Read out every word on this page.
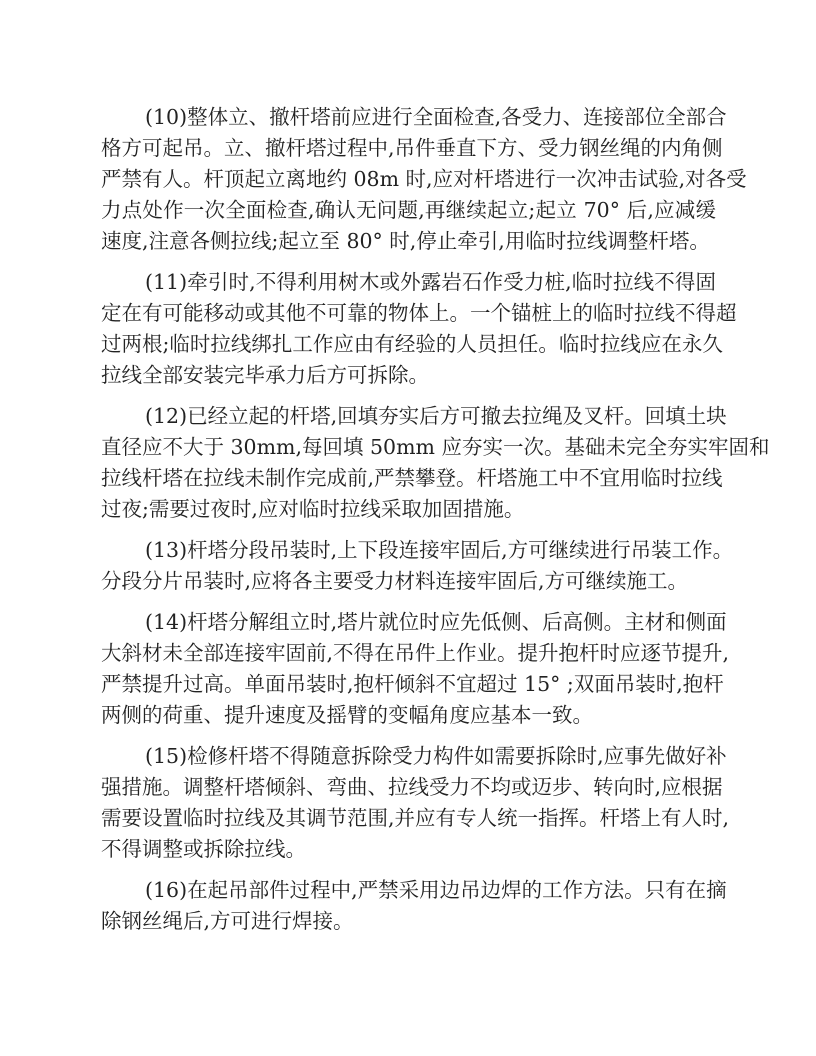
(10)整体立、撤杆塔前应进行全面检查,各受力、连接部位全部合
格方可起吊。立、撤杆塔过程中,吊件垂直下方、受力钢丝绳的内角侧
严禁有人。杆顶起立离地约 08m 时,应对杆塔进行一次冲击试验,对各受
力点处作一次全面检查,确认无问题,再继续起立;起立 70° 后,应减缓
速度,注意各侧拉线;起立至 80° 时,停止牵引,用临时拉线调整杆塔。
(11)牵引时,不得利用树木或外露岩石作受力桩,临时拉线不得固
定在有可能移动或其他不可靠的物体上。一个锚桩上的临时拉线不得超
过两根;临时拉线绑扎工作应由有经验的人员担任。临时拉线应在永久
拉线全部安装完毕承力后方可拆除。
(12)已经立起的杆塔,回填夯实后方可撤去拉绳及叉杆。回填土块
直径应不大于 30mm,每回填 50mm 应夯实一次。基础未完全夯实牢固和
拉线杆塔在拉线未制作完成前,严禁攀登。杆塔施工中不宜用临时拉线
过夜;需要过夜时,应对临时拉线采取加固措施。
(13)杆塔分段吊装时,上下段连接牢固后,方可继续进行吊装工作。
分段分片吊装时,应将各主要受力材料连接牢固后,方可继续施工。
(14)杆塔分解组立时,塔片就位时应先低侧、后高侧。主材和侧面
大斜材未全部连接牢固前,不得在吊件上作业。提升抱杆时应逐节提升,
严禁提升过高。单面吊装时,抱杆倾斜不宜超过 15° ;双面吊装时,抱杆
两侧的荷重、提升速度及摇臂的变幅角度应基本一致。
(15)检修杆塔不得随意拆除受力构件如需要拆除时,应事先做好补
强措施。调整杆塔倾斜、弯曲、拉线受力不均或迈步、转向时,应根据
需要设置临时拉线及其调节范围,并应有专人统一指挥。杆塔上有人时,
不得调整或拆除拉线。
(16)在起吊部件过程中,严禁采用边吊边焊的工作方法。只有在摘
除钢丝绳后,方可进行焊接。
